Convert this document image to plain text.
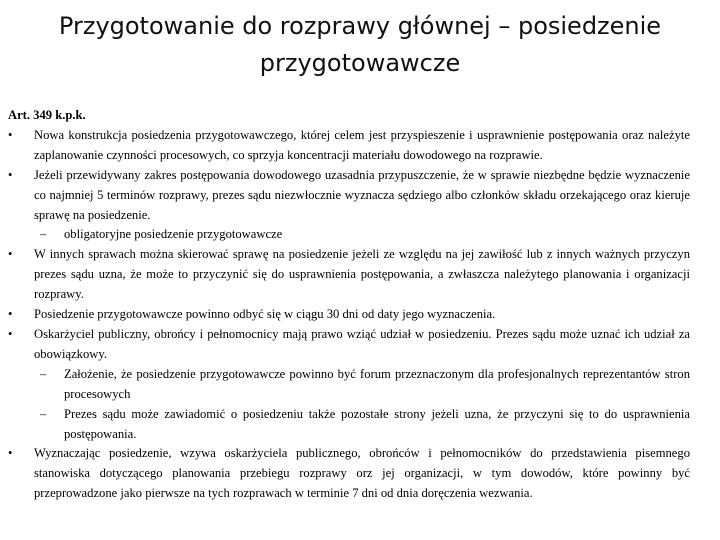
Przygotowanie do rozprawy głównej – posiedzenie przygotowawcze
Art. 349 k.p.k.
• Nowa konstrukcja posiedzenia przygotowawczego, której celem jest przyspieszenie i usprawnienie postępowania oraz należyte zaplanowanie czynności procesowych, co sprzyja koncentracji materiału dowodowego na rozprawie.
• Jeżeli przewidywany zakres postępowania dowodowego uzasadnia przypuszczenie, że w sprawie niezbędne będzie wyznaczenie co najmniej 5 terminów rozprawy, prezes sądu niezwłocznie wyznacza sędziego albo członków składu orzekającego oraz kieruje sprawę na posiedzenie.
– obligatoryjne posiedzenie przygotowawcze
• W innych sprawach można skierować sprawę na posiedzenie jeżeli ze względu na jej zawiłość lub z innych ważnych przyczyn prezes sądu uzna, że może to przyczynić się do usprawnienia postępowania, a zwłaszcza należytego planowania i organizacji rozprawy.
• Posiedzenie przygotowawcze powinno odbyć się w ciągu 30 dni od daty jego wyznaczenia.
• Oskarżyciel publiczny, obrońcy i pełnomocnicy mają prawo wziąć udział w posiedzeniu. Prezes sądu może uznać ich udział za obowiązkowy.
– Założenie, że posiedzenie przygotowawcze powinno być forum przeznaczonym dla profesjonalnych reprezentantów stron procesowych
– Prezes sądu może zawiadomić o posiedzeniu także pozostałe strony jeżeli uzna, że przyczyni się to do usprawnienia postępowania.
• Wyznaczając posiedzenie, wzywa oskarżyciela publicznego, obrońców i pełnomocników do przedstawienia pisemnego stanowiska dotyczącego planowania przebiegu rozprawy orz jej organizacji, w tym dowodów, które powinny być przeprowadzone jako pierwsze na tych rozprawach w terminie 7 dni od dnia doręczenia wezwania.
